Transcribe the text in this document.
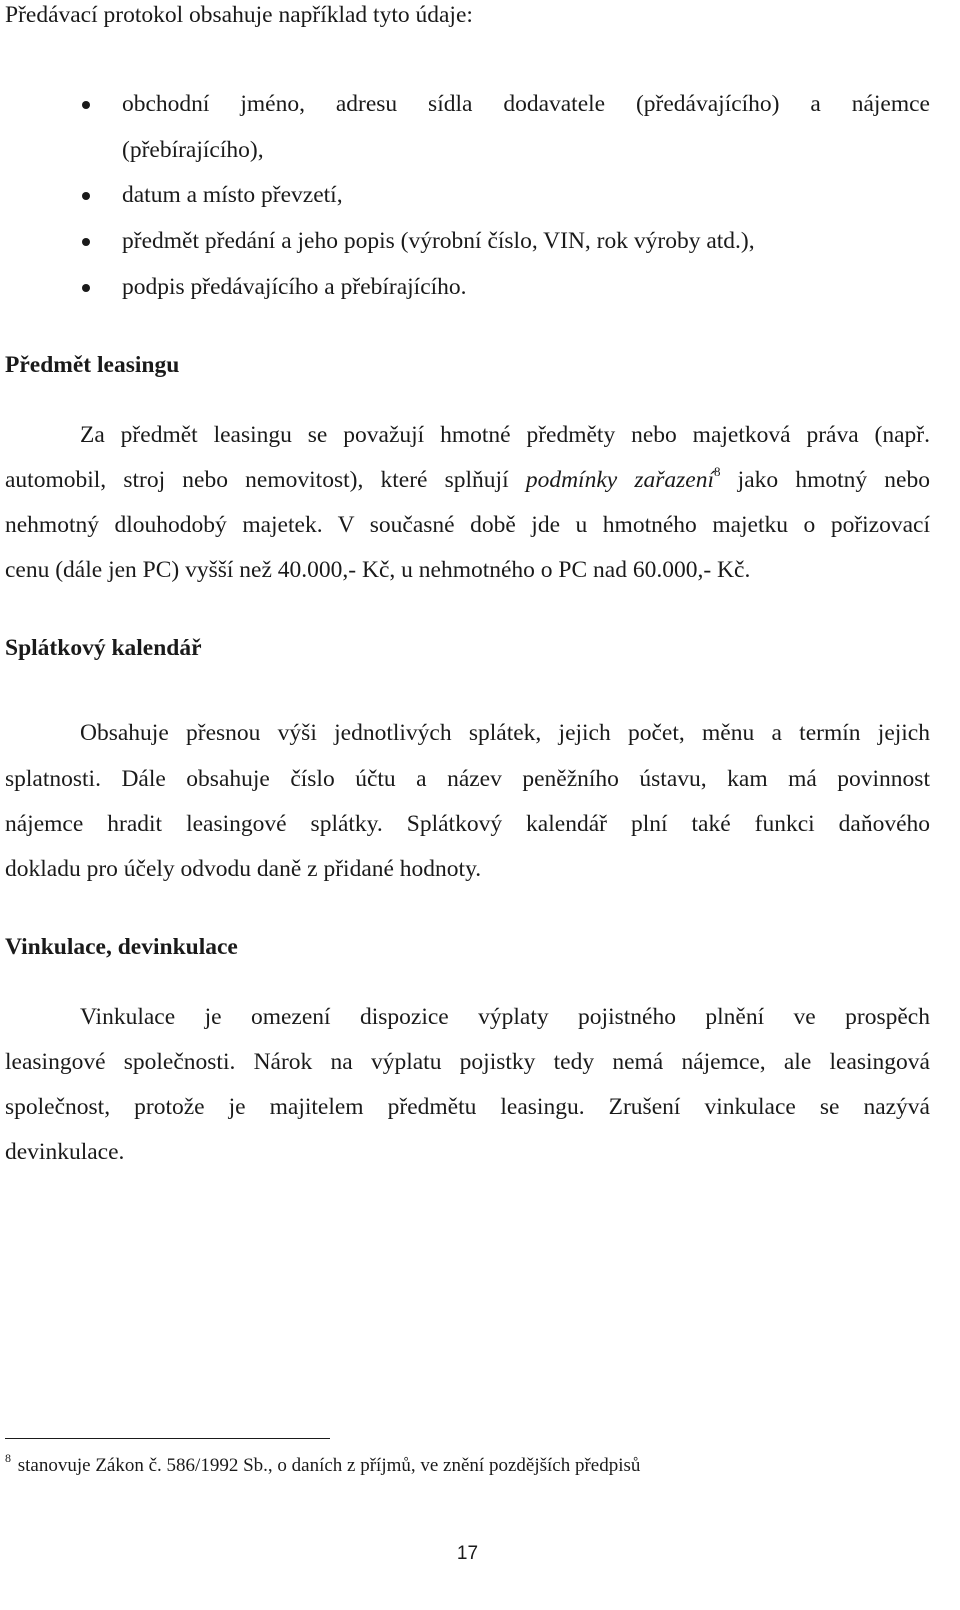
Předávací protokol obsahuje například tyto údaje:
obchodní jméno, adresu sídla dodavatele (předávajícího) a nájemce
(přebírajícího),
datum a místo převzetí,
předmět předání a jeho popis (výrobní číslo, VIN, rok výroby atd.),
podpis předávajícího a přebírajícího.
Předmět leasingu
Za předmět leasingu se považují hmotné předměty nebo majetková práva (např.
automobil, stroj nebo nemovitost), které splňují podmínky zařazení$^8$ jako hmotný nebo
nehmotný dlouhodobý majetek. V současné době jde u hmotného majetku o pořizovací
cenu (dále jen PC) vyšší než 40.000,- Kč, u nehmotného o PC nad 60.000,- Kč.
Splátkový kalendář
Obsahuje přesnou výši jednotlivých splátek, jejich počet, měnu a termín jejich
splatnosti. Dále obsahuje číslo účtu a název peněžního ústavu, kam má povinnost
nájemce hradit leasingové splátky. Splátkový kalendář plní také funkci daňového
dokladu pro účely odvodu daně z přidané hodnoty.
Vinkulace, devinkulace
Vinkulace je omezení dispozice výplaty pojistného plnění ve prospěch
leasingové společnosti. Nárok na výplatu pojistky tedy nemá nájemce, ale leasingová
společnost, protože je majitelem předmětu leasingu. Zrušení vinkulace se nazývá
devinkulace.
$^8$ stanovuje Zákon č. 586/1992 Sb., o daních z příjmů, ve znění pozdějších předpisů
17
